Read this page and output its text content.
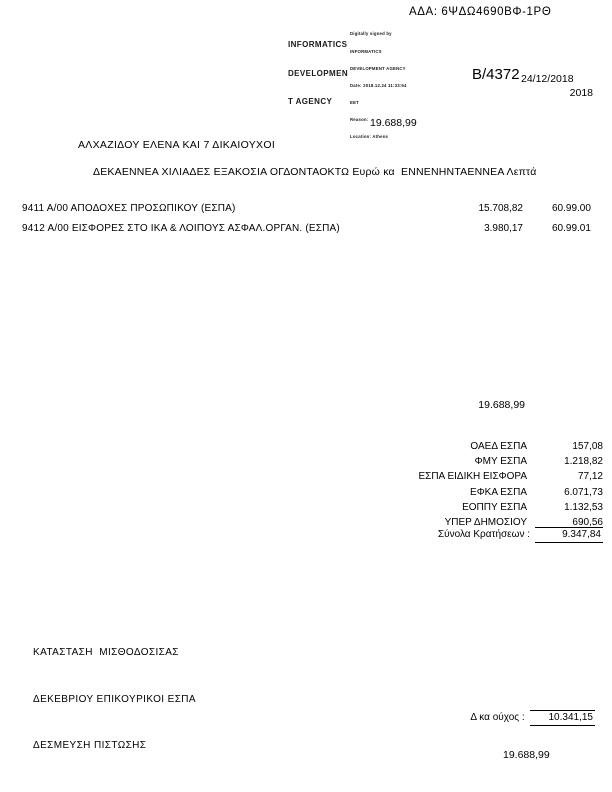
ΑΔΑ: 6ΨΔΩ4690ΒΦ-1ΡΘ

INFORMATICS

DEVELOPMEN

T AGENCY

Digitally signed by

INFORMATICS

DEVELOPMENT AGENCY

Date: 2018.12.24 11:33:54

EET

Reason:

Location: Athens

Β/4372 24/12/2018
2018
19.688,99
ΑΛΧΑΖΙΔΟΥ ΕΛΕΝΑ ΚΑΙ 7 ΔΙΚΑΙΟΥΧΟΙ
ΔΕΚΑΕΝΝΕΑ ΧΙΛΙΑΔΕΣ ΕΞΑΚΟΣΙΑ ΟΓΔΟΝΤΑΟΚΤΩ Ευρώ κα  ΕΝΝΕΝΗΝΤΑΕΝΝΕΑ Λεπτά
9411 Α/00 ΑΠΟΔΟΧΕΣ ΠΡΟΣΩΠΙΚΟΥ (ΕΣΠΑ)	15.708,82	60.99.00
9412 Α/00 ΕΙΣΦΟΡΕΣ ΣΤΟ ΙΚΑ & ΛΟΙΠΟΥΣ ΑΣΦΑΛ.ΟΡΓΑΝ. (ΕΣΠΑ)	3.980,17	60.99.01
19.688,99
ΟΑΕΔ ΕΣΠΑ	157,08
ΦΜΥ ΕΣΠΑ	1.218,82
ΕΣΠΑ ΕΙΔΙΚΗ ΕΙΣΦΟΡΑ	77,12
ΕΦΚΑ ΕΣΠΑ	6.071,73
ΕΟΠΠΥ ΕΣΠΑ	1.132,53
ΥΠΕΡ ΔΗΜΟΣΙΟΥ	690,56
Σύνολα Κρατήσεων :	9.347,84

ΚΑΤΑΣΤΑΣΗ  ΜΙΣΘΟΔΟΣΙΣΑΣ

ΔΕΚΕΒΡΙΟΥ ΕΠΙΚΟΥΡΙΚΟΙ ΕΣΠΑ

ΔΕΣΜΕΥΣΗ ΠΙΣΤΩΣΗΣ

Δ κα ούχος :	10.341,15
19.688,99
